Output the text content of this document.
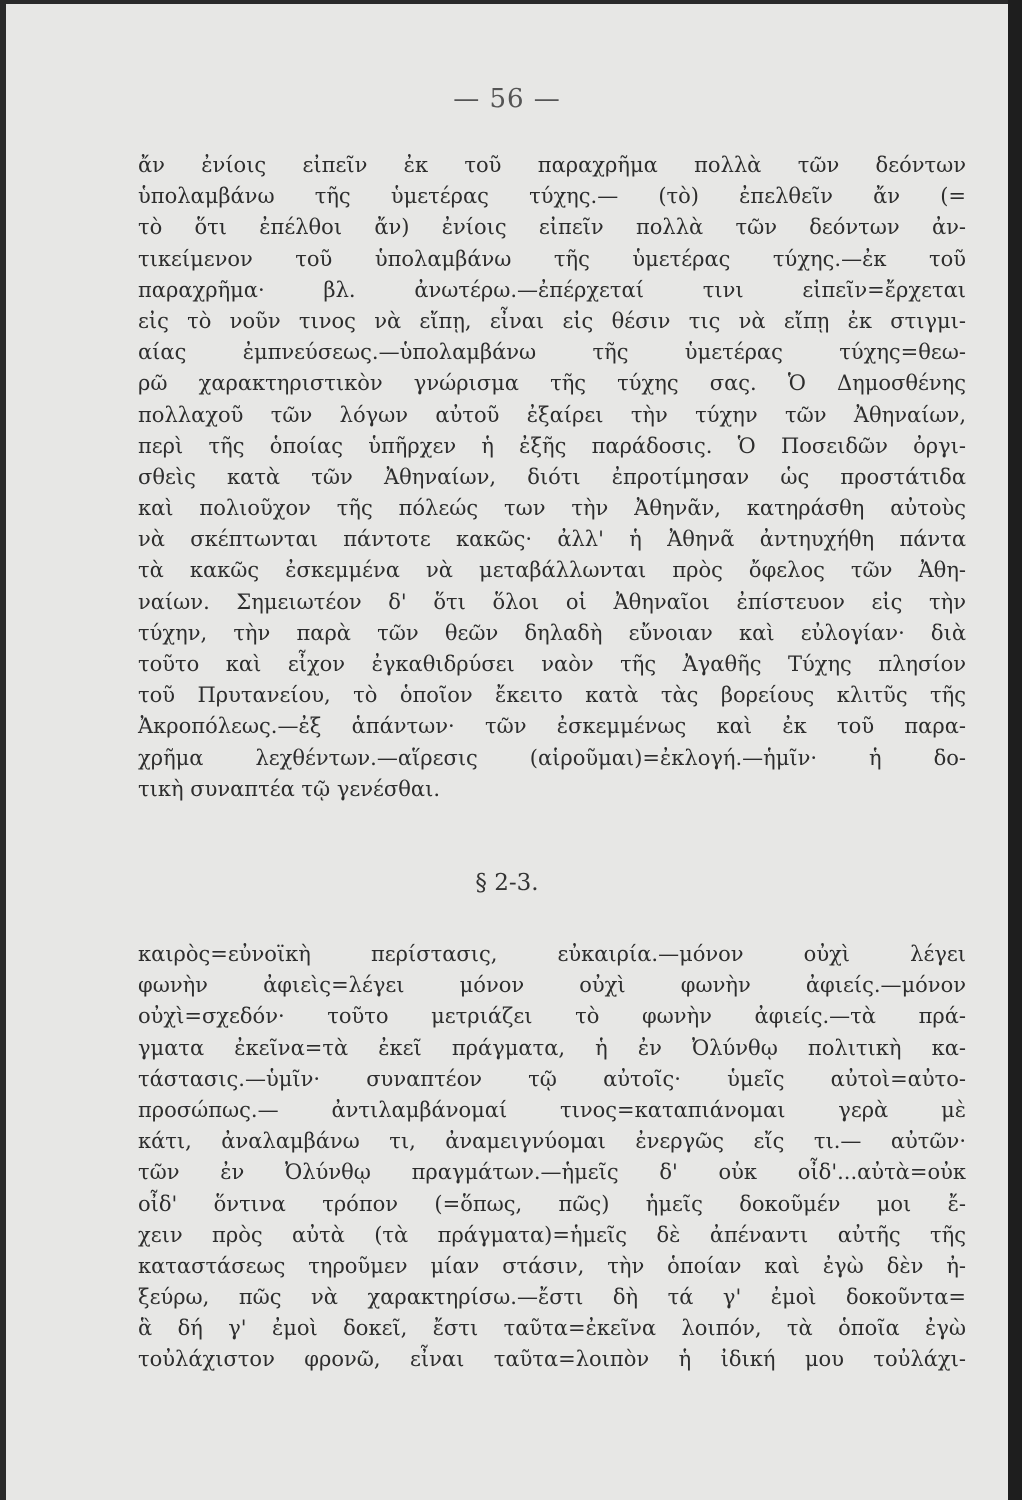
— 56 —
ἄν ἐνίοις εἰπεῖν ἐκ τοῦ παραχρῆμα πολλὰ τῶν δεόντων
ὑπολαμβάνω τῆς ὑμετέρας τύχης.— (τὸ) ἐπελθεῖν ἄν (=
τὸ ὅτι ἐπέλθοι ἄν) ἐνίοις εἰπεῖν πολλὰ τῶν δεόντων ἀν-
τικείμενον τοῦ ὑπολαμβάνω τῆς ὑμετέρας τύχης.—ἐκ τοῦ
παραχρῆμα· βλ. ἀνωτέρω.—ἐπέρχεταί τινι εἰπεῖν=ἔρχεται
εἰς τὸ νοῦν τινος νὰ εἴπῃ, εἶναι εἰς θέσιν τις νὰ εἴπῃ ἐκ στιγμι-
αίας ἐμπνεύσεως.—ὑπολαμβάνω τῆς ὑμετέρας τύχης=θεω-
ρῶ χαρακτηριστικὸν γνώρισμα τῆς τύχης σας. Ὁ Δημοσθένης
πολλαχοῦ τῶν λόγων αὐτοῦ ἐξαίρει τὴν τύχην τῶν Ἀθηναίων,
περὶ τῆς ὁποίας ὑπῆρχεν ἡ ἐξῆς παράδοσις. Ὁ Ποσειδῶν ὀργι-
σθεὶς κατὰ τῶν Ἀθηναίων, διότι ἐπροτίμησαν ὡς προστάτιδα
καὶ πολιοῦχον τῆς πόλεώς των τὴν Ἀθηνᾶν, κατηράσθη αὐτοὺς
νὰ σκέπτωνται πάντοτε κακῶς· ἀλλ' ἡ Ἀθηνᾶ ἀντηυχήθη πάντα
τὰ κακῶς ἐσκεμμένα νὰ μεταβάλλωνται πρὸς ὄφελος τῶν Ἀθη-
ναίων. Σημειωτέον δ' ὅτι ὅλοι οἱ Ἀθηναῖοι ἐπίστευον εἰς τὴν
τύχην, τὴν παρὰ τῶν θεῶν δηλαδὴ εὔνοιαν καὶ εὐλογίαν· διὰ
τοῦτο καὶ εἶχον ἐγκαθιδρύσει ναὸν τῆς Ἀγαθῆς Τύχης πλησίον
τοῦ Πρυτανείου, τὸ ὁποῖον ἔκειτο κατὰ τὰς βορείους κλιτῦς τῆς
Ἀκροπόλεως.—ἐξ ἁπάντων· τῶν ἐσκεμμένως καὶ ἐκ τοῦ παρα-
χρῆμα λεχθέντων.—αἵρεσις (αἱροῦμαι)=ἐκλογή.—ἡμῖν· ἡ δο-
τικὴ συναπτέα τῷ γενέσθαι.
§ 2-3.
καιρὸς=εὐνοϊκὴ περίστασις, εὐκαιρία.—μόνον οὐχὶ λέγει
φωνὴν ἀφιεὶς=λέγει μόνον οὐχὶ φωνὴν ἀφιείς.—μόνον
οὐχὶ=σχεδόν· τοῦτο μετριάζει τὸ φωνὴν ἀφιείς.—τὰ πρά-
γματα ἐκεῖνα=τὰ ἐκεῖ πράγματα, ἡ ἐν Ὀλύνθῳ πολιτικὴ κα-
τάστασις.—ὑμῖν· συναπτέον τῷ αὐτοῖς· ὑμεῖς αὐτοὶ=αὐτο-
προσώπως.— ἀντιλαμβάνομαί τινος=καταπιάνομαι γερὰ μὲ
κάτι, ἀναλαμβάνω τι, ἀναμειγνύομαι ἐνεργῶς εἴς τι.— αὐτῶν·
τῶν ἐν Ὀλύνθῳ πραγμάτων.—ἡμεῖς δ' οὐκ οἶδ'...αὐτὰ=οὐκ
οἶδ' ὅντινα τρόπον (=ὅπως, πῶς) ἡμεῖς δοκοῦμέν μοι ἔ-
χειν πρὸς αὐτὰ (τὰ πράγματα)=ἡμεῖς δὲ ἀπέναντι αὐτῆς τῆς
καταστάσεως τηροῦμεν μίαν στάσιν, τὴν ὁποίαν καὶ ἐγὼ δὲν ἠ-
ξεύρω, πῶς νὰ χαρακτηρίσω.—ἔστι δὴ τά γ' ἐμοὶ δοκοῦντα=
ἃ δή γ' ἐμοὶ δοκεῖ, ἔστι ταῦτα=ἐκεῖνα λοιπόν, τὰ ὁποῖα ἐγὼ
τοὐλάχιστον φρονῶ, εἶναι ταῦτα=λοιπὸν ἡ ἰδική μου τοὐλάχι-
